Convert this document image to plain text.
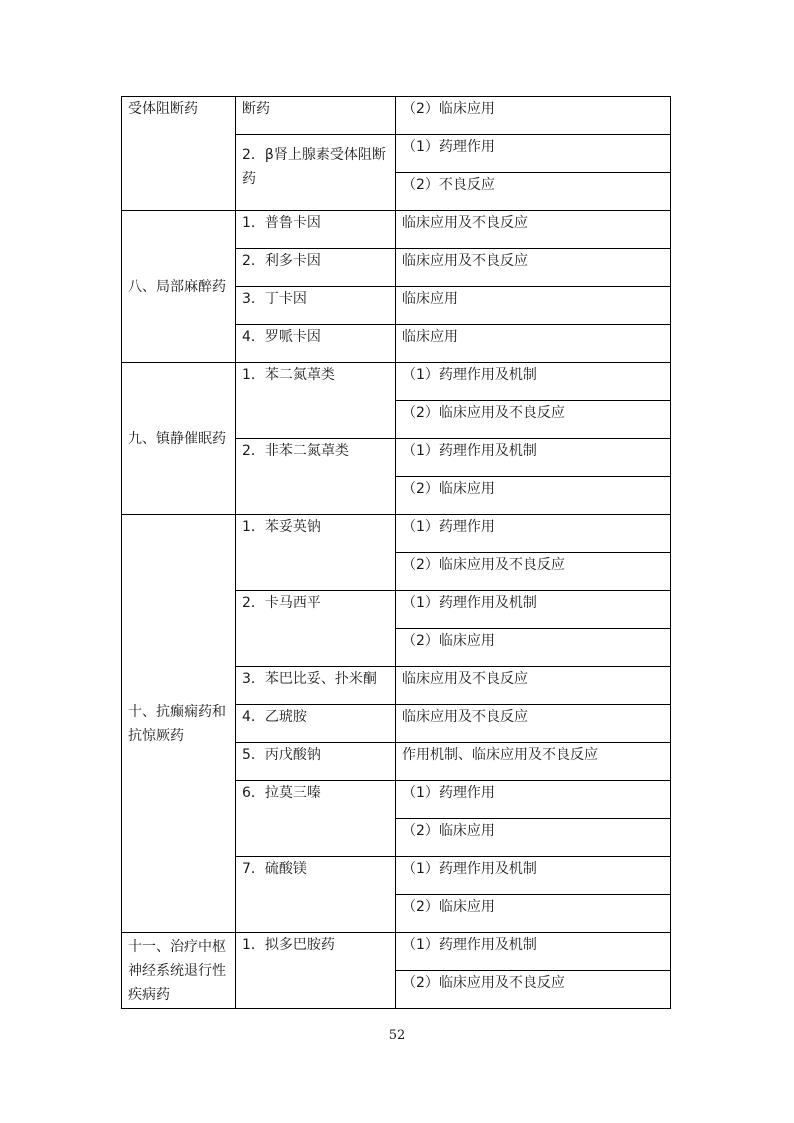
受体阻断药	断药	（2）临床应用

	2．β肾上腺素受体阻断药	（1）药理作用

		（2）不良反应

八、局部麻醉药	1．普鲁卡因	临床应用及不良反应

	2．利多卡因	临床应用及不良反应

	3．丁卡因	临床应用

	4．罗哌卡因	临床应用

九、镇静催眠药	1．苯二氮䓬类	（1）药理作用及机制

		（2）临床应用及不良反应

	2．非苯二氮䓬类	（1）药理作用及机制

		（2）临床应用

十、抗癫痫药和抗惊厥药	1．苯妥英钠	（1）药理作用

		（2）临床应用及不良反应

	2．卡马西平	（1）药理作用及机制

		（2）临床应用

	3．苯巴比妥、扑米酮	临床应用及不良反应

	4．乙琥胺	临床应用及不良反应

	5．丙戊酸钠	作用机制、临床应用及不良反应

	6．拉莫三嗪	（1）药理作用

		（2）临床应用

	7．硫酸镁	（1）药理作用及机制

		（2）临床应用

十一、治疗中枢神经系统退行性疾病药	1．拟多巴胺药	（1）药理作用及机制

		（2）临床应用及不良反应
52
